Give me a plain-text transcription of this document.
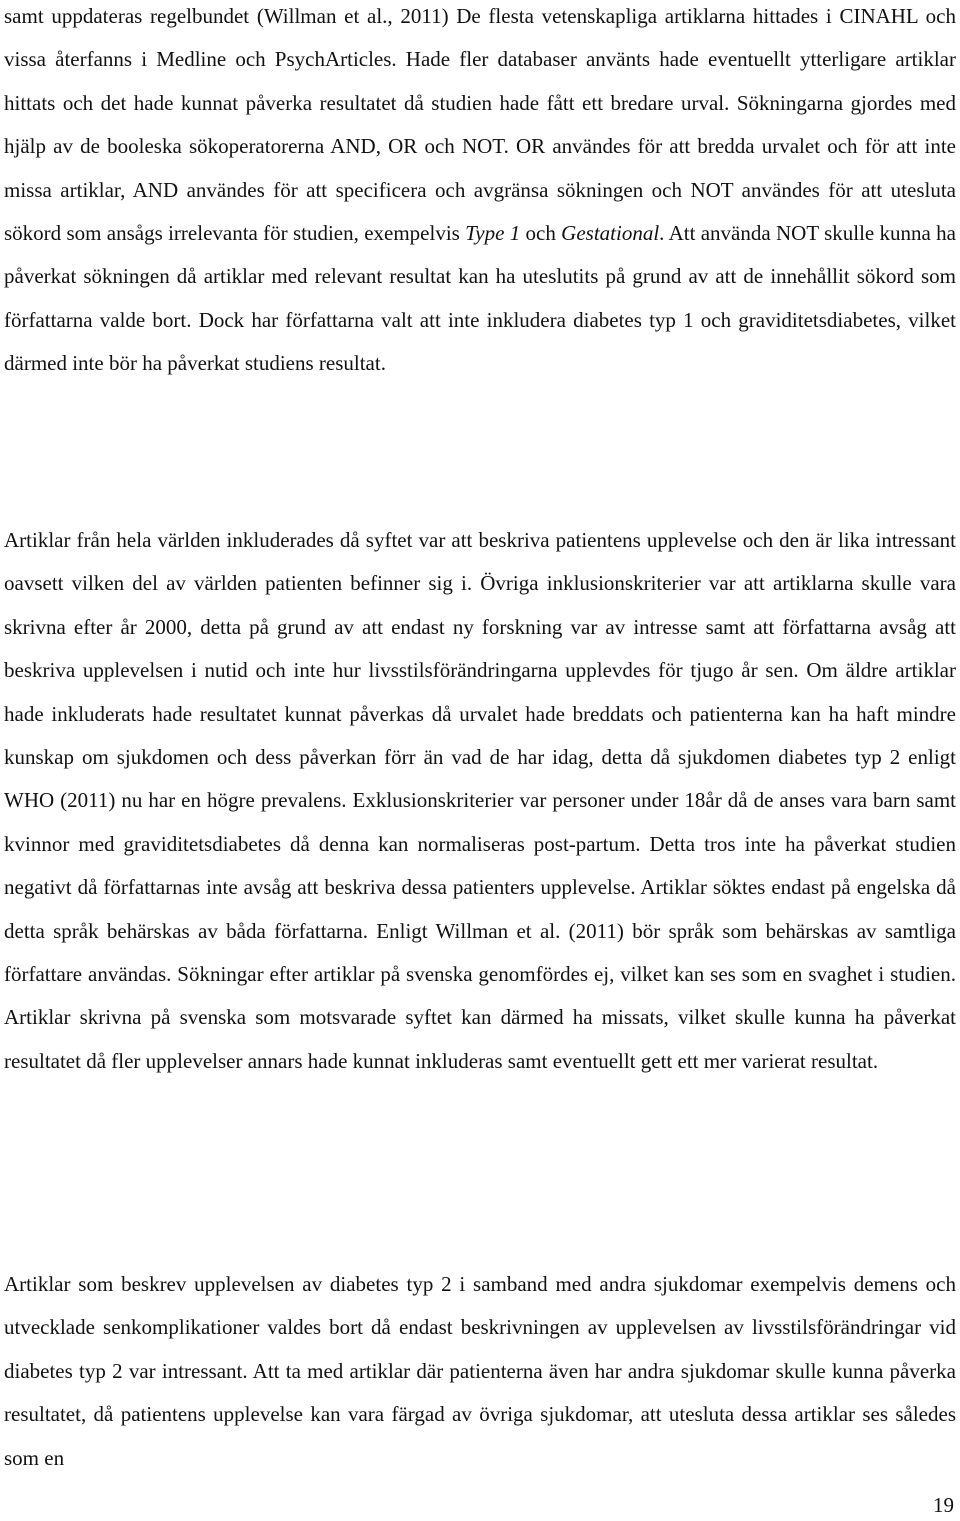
samt uppdateras regelbundet (Willman et al., 2011) De flesta vetenskapliga artiklarna hittades i CINAHL och vissa återfanns i Medline och PsychArticles. Hade fler databaser använts hade eventuellt ytterligare artiklar hittats och det hade kunnat påverka resultatet då studien hade fått ett bredare urval. Sökningarna gjordes med hjälp av de booleska sökoperatorerna AND, OR och NOT. OR användes för att bredda urvalet och för att inte missa artiklar, AND användes för att specificera och avgränsa sökningen och NOT användes för att utesluta sökord som ansågs irrelevanta för studien, exempelvis Type 1 och Gestational. Att använda NOT skulle kunna ha påverkat sökningen då artiklar med relevant resultat kan ha uteslutits på grund av att de innehållit sökord som författarna valde bort. Dock har författarna valt att inte inkludera diabetes typ 1 och graviditetsdiabetes, vilket därmed inte bör ha påverkat studiens resultat.

Artiklar från hela världen inkluderades då syftet var att beskriva patientens upplevelse och den är lika intressant oavsett vilken del av världen patienten befinner sig i. Övriga inklusionskriterier var att artiklarna skulle vara skrivna efter år 2000, detta på grund av att endast ny forskning var av intresse samt att författarna avsåg att beskriva upplevelsen i nutid och inte hur livsstilsförändringarna upplevdes för tjugo år sen. Om äldre artiklar hade inkluderats hade resultatet kunnat påverkas då urvalet hade breddats och patienterna kan ha haft mindre kunskap om sjukdomen och dess påverkan förr än vad de har idag, detta då sjukdomen diabetes typ 2 enligt WHO (2011) nu har en högre prevalens. Exklusionskriterier var personer under 18år då de anses vara barn samt kvinnor med graviditetsdiabetes då denna kan normaliseras post-partum. Detta tros inte ha påverkat studien negativt då författarnas inte avsåg att beskriva dessa patienters upplevelse. Artiklar söktes endast på engelska då detta språk behärskas av båda författarna. Enligt Willman et al. (2011) bör språk som behärskas av samtliga författare användas. Sökningar efter artiklar på svenska genomfördes ej, vilket kan ses som en svaghet i studien. Artiklar skrivna på svenska som motsvarade syftet kan därmed ha missats, vilket skulle kunna ha påverkat resultatet då fler upplevelser annars hade kunnat inkluderas samt eventuellt gett ett mer varierat resultat.

Artiklar som beskrev upplevelsen av diabetes typ 2 i samband med andra sjukdomar exempelvis demens och utvecklade senkomplikationer valdes bort då endast beskrivningen av upplevelsen av livsstilsförändringar vid diabetes typ 2 var intressant. Att ta med artiklar där patienterna även har andra sjukdomar skulle kunna påverka resultatet, då patientens upplevelse kan vara färgad av övriga sjukdomar, att utesluta dessa artiklar ses således som en

19
